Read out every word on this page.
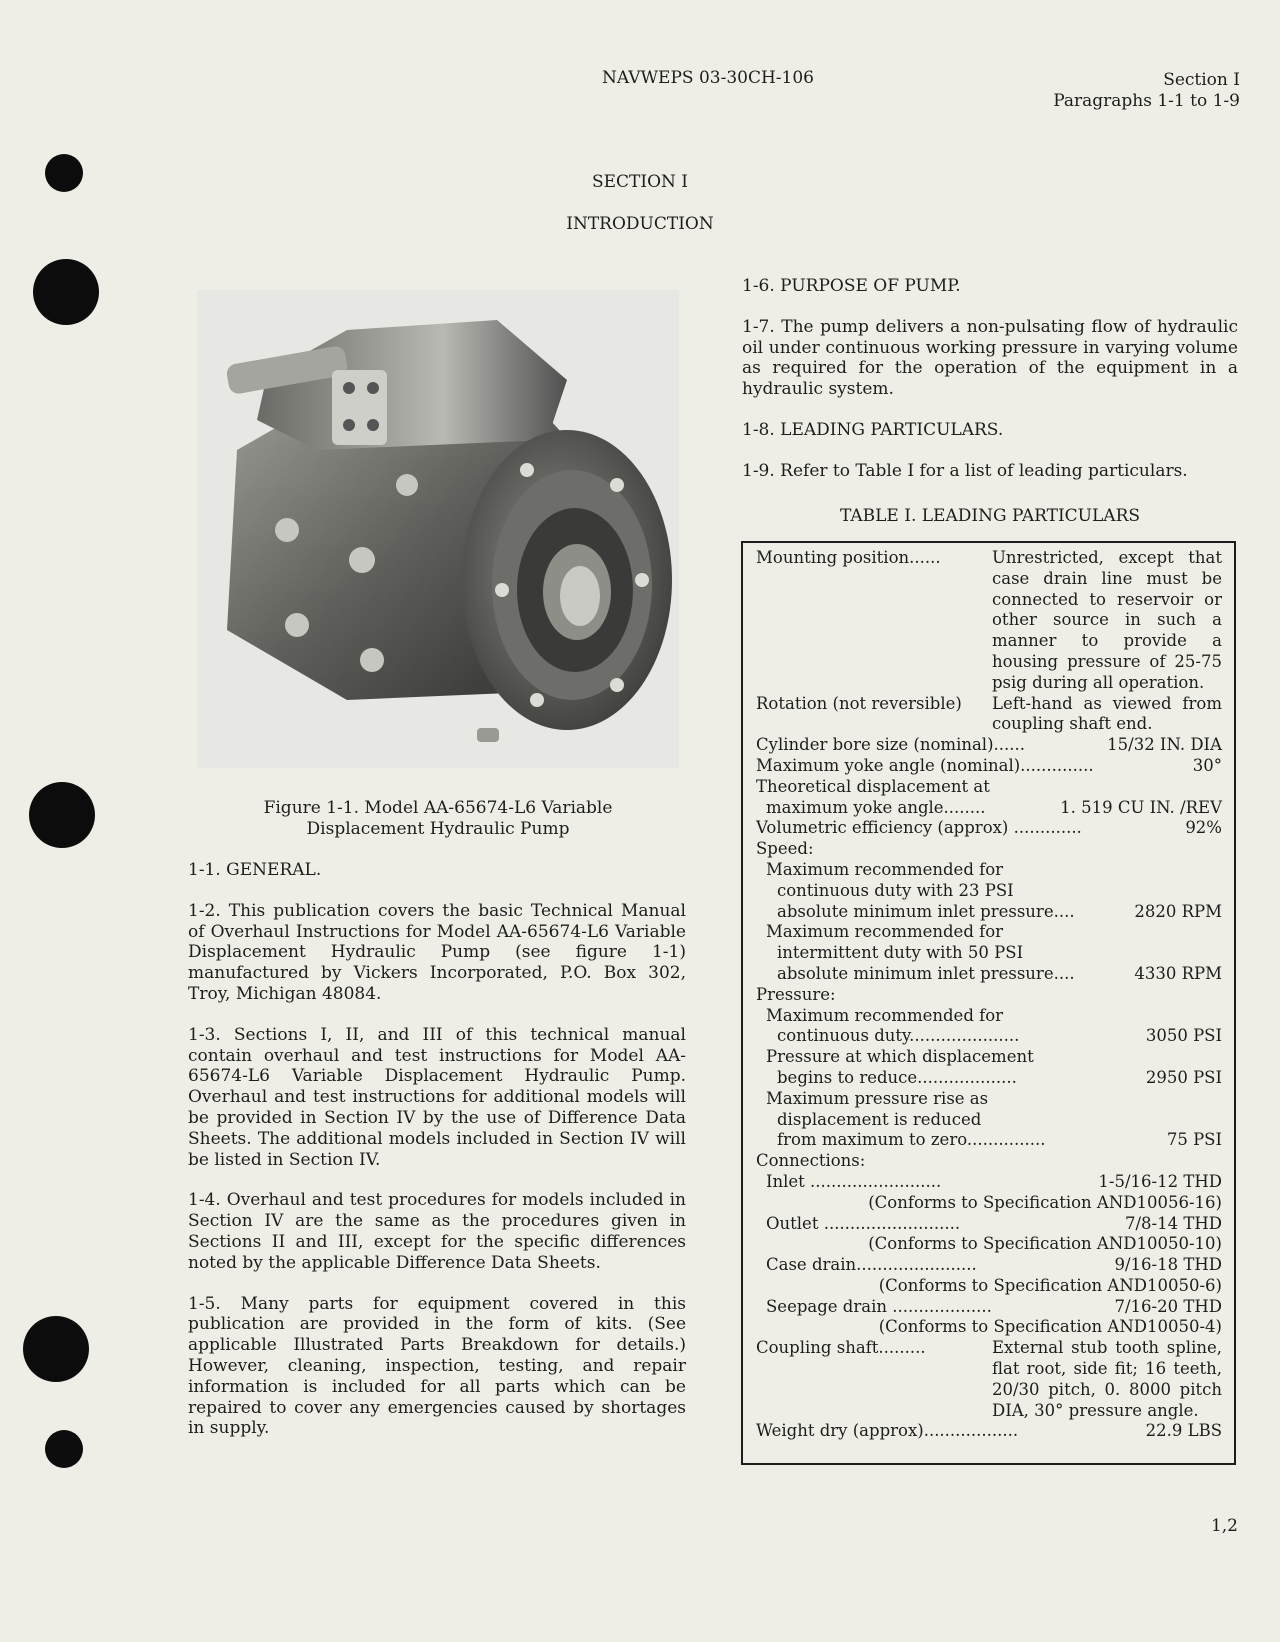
NAVWEPS 03-30CH-106	Section I
Paragraphs 1-1 to 1-9
SECTION I
INTRODUCTION
Figure 1-1. Model AA-65674-L6 Variable
Displacement Hydraulic Pump
1-1. GENERAL.

1-2. This publication covers the basic Technical Manual of Overhaul Instructions for Model AA-65674-L6 Variable Displacement Hydraulic Pump (see figure 1-1) manufactured by Vickers Incorporated, P.O. Box 302, Troy, Michigan 48084.

1-3. Sections I, II, and III of this technical manual contain overhaul and test instructions for Model AA-65674-L6 Variable Displacement Hydraulic Pump. Overhaul and test instructions for additional models will be provided in Section IV by the use of Difference Data Sheets. The additional models included in Section IV will be listed in Section IV.

1-4. Overhaul and test procedures for models included in Section IV are the same as the procedures given in Sections II and III, except for the specific differences noted by the applicable Difference Data Sheets.

1-5. Many parts for equipment covered in this publication are provided in the form of kits. (See applicable Illustrated Parts Breakdown for details.) However, cleaning, inspection, testing, and repair information is included for all parts which can be repaired to cover any emergencies caused by shortages in supply.

1-6. PURPOSE OF PUMP.

1-7. The pump delivers a non-pulsating flow of hydraulic oil under continuous working pressure in varying volume as required for the operation of the equipment in a hydraulic system.

1-8. LEADING PARTICULARS.

1-9. Refer to Table I for a list of leading particulars.

TABLE I. LEADING PARTICULARS
Mounting position......	Unrestricted, except that case drain line must be connected to reservoir or other source in such a manner to provide a housing pressure of 25-75 psig during all operation.
Rotation (not reversible)	Left-hand as viewed from coupling shaft end.
Cylinder bore size (nominal)......	15/32 IN. DIA
Maximum yoke angle (nominal)..............	30°
Theoretical displacement at
maximum yoke angle........	1. 519 CU IN. /REV
Volumetric efficiency (approx) .............	92%
Speed:
Maximum recommended for
continuous duty with 23 PSI
absolute minimum inlet pressure....	2820 RPM
Maximum recommended for
intermittent duty with 50 PSI
absolute minimum inlet pressure....	4330 RPM
Pressure:
Maximum recommended for
continuous duty.....................	3050 PSI
Pressure at which displacement
begins to reduce...................	2950 PSI
Maximum pressure rise as
displacement is reduced
from maximum to zero...............	75 PSI
Connections:
Inlet .........................	1-5/16-12 THD
(Conforms to Specification AND10056-16)
Outlet ..........................	7/8-14 THD
(Conforms to Specification AND10050-10)
Case drain.......................	9/16-18 THD
(Conforms to Specification AND10050-6)
Seepage drain ...................	7/16-20 THD
(Conforms to Specification AND10050-4)
Coupling shaft.........	External stub tooth spline, flat root, side fit; 16 teeth, 20/30 pitch, 0. 8000 pitch DIA, 30° pressure angle.
Weight dry (approx)..................	22.9 LBS
1,2
